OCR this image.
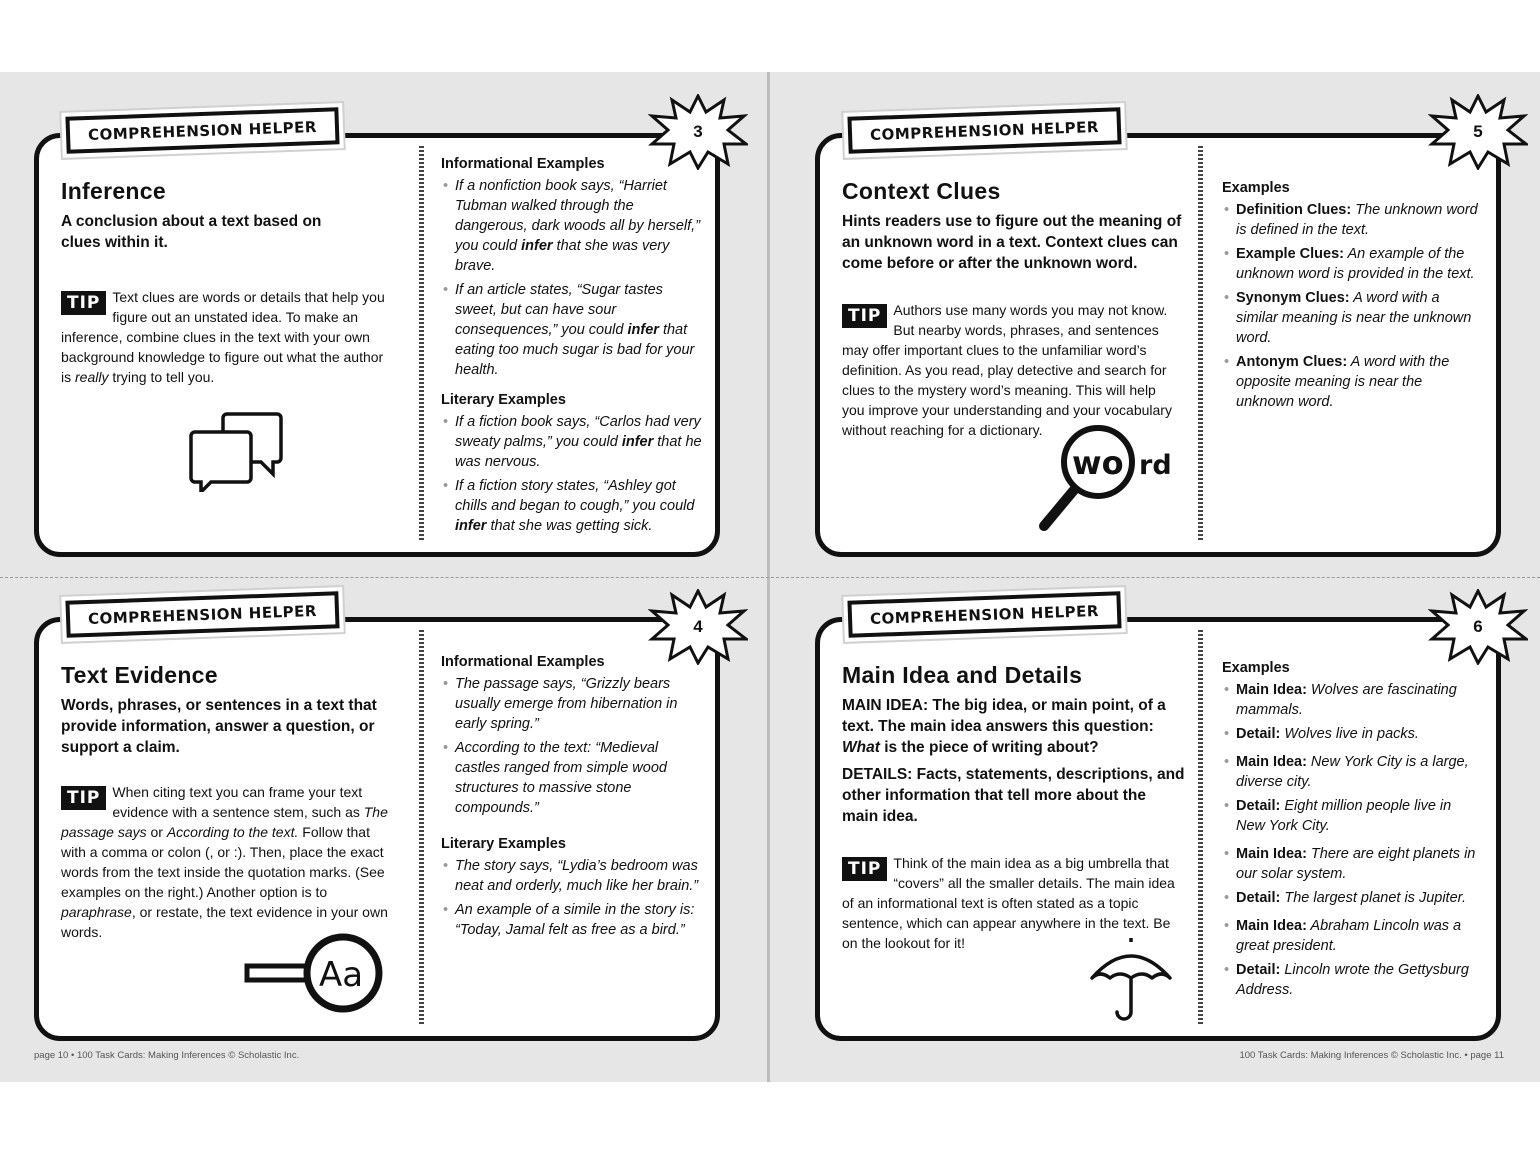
Inference

A conclusion about a text based on clues within it.

TIP Text clues are words or details that help you figure out an unstated idea. To make an inference, combine clues in the text with your own background knowledge to figure out what the author is really trying to tell you.
Informational Examples
• If a nonfiction book says, “Harriet Tubman walked through the dangerous, dark woods all by herself,” you could infer that she was very brave.
• If an article states, “Sugar tastes sweet, but can have sour consequences,” you could infer that eating too much sugar is bad for your health.
Literary Examples
• If a fiction book says, “Carlos had very sweaty palms,” you could infer that he was nervous.
• If a fiction story states, “Ashley got chills and began to cough,” you could infer that she was getting sick.
COMPREHENSION HELPER	3
Context Clues

Hints readers use to figure out the meaning of an unknown word in a text. Context clues can come before or after the unknown word.

TIP Authors use many words you may not know. But nearby words, phrases, and sentences may offer important clues to the unfamiliar word’s definition. As you read, play detective and search for clues to the mystery word’s meaning. This will help you improve your understanding and your vocabulary without reaching for a dictionary.
wo rd
Examples
• Definition Clues: The unknown word is defined in the text.
• Example Clues: An example of the unknown word is provided in the text.
• Synonym Clues: A word with a similar meaning is near the unknown word.
• Antonym Clues: A word with the opposite meaning is near the unknown word.
COMPREHENSION HELPER	5
Text Evidence

Words, phrases, or sentences in a text that provide information, answer a question, or support a claim.

TIP When citing text you can frame your text evidence with a sentence stem, such as The passage says or According to the text. Follow that with a comma or colon (, or :). Then, place the exact words from the text inside the quotation marks. (See examples on the right.) Another option is to paraphrase, or restate, the text evidence in your own words.
Aa
Informational Examples
• The passage says, “Grizzly bears usually emerge from hibernation in early spring.”
• According to the text: “Medieval castles ranged from simple wood structures to massive stone compounds.”
Literary Examples
• The story says, “Lydia’s bedroom was neat and orderly, much like her brain.”
• An example of a simile in the story is: “Today, Jamal felt as free as a bird.”
COMPREHENSION HELPER	4
Main Idea and Details

MAIN IDEA: The big idea, or main point, of a text. The main idea answers this question: What is the piece of writing about?

DETAILS: Facts, statements, descriptions, and other information that tell more about the main idea.

TIP Think of the main idea as a big umbrella that “covers” all the smaller details. The main idea of an informational text is often stated as a topic sentence, which can appear anywhere in the text. Be on the lookout for it!
Examples
• Main Idea: Wolves are fascinating mammals.
• Detail: Wolves live in packs.
• Main Idea: New York City is a large, diverse city.
• Detail: Eight million people live in New York City.
• Main Idea: There are eight planets in our solar system.
• Detail: The largest planet is Jupiter.
• Main Idea: Abraham Lincoln was a great president.
• Detail: Lincoln wrote the Gettysburg Address.
COMPREHENSION HELPER	6
page 10 • 100 Task Cards: Making Inferences © Scholastic Inc.	100 Task Cards: Making Inferences © Scholastic Inc. • page 11
